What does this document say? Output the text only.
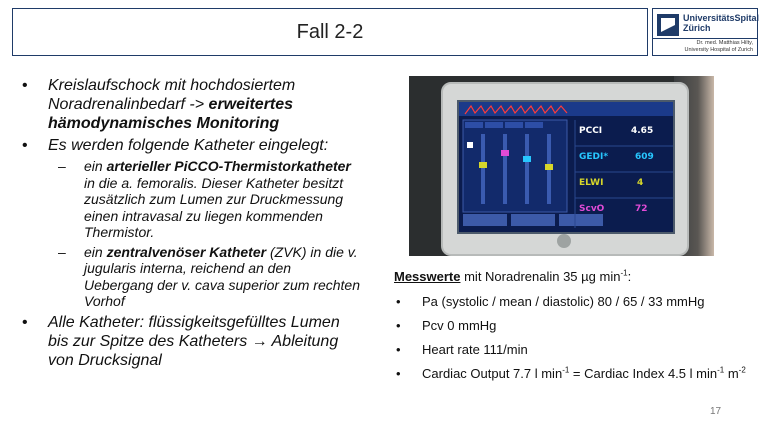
Fall 2-2
UniversitätsSpital
Zürich
Dr. med. Matthias Hilty,
University Hospital of Zurich
• Kreislaufschock mit hochdosiertem Noradrenalinbedarf -> erweitertes hämodynamisches Monitoring
• Es werden folgende Katheter eingelegt:
– ein arterieller PiCCO-Thermistorkatheter in die a. femoralis. Dieser Katheter besitzt zusätzlich zum Lumen zur Druckmessung einen intravasal zu liegen kommenden Thermistor.
– ein zentralvenöser Katheter (ZVK) in die v. jugularis interna, reichend an den Uebergang der v. cava superior zum rechten Vorhof
• Alle Katheter: flüssigkeitsgefülltes Lumen bis zur Spitze des Katheters → Ableitung von Drucksignal
PCCI	4.65
GEDI*	609
ELWI	4
ScvO	72
Messwerte mit Noradrenalin 35 µg $\min^{-1}$:
• Pa (systolic / mean / diastolic) 80 / 65 / 33 mmHg
• Pcv 0 mmHg
• Heart rate 111/min
• Cardiac Output 7.7 l $\min^{-1}$ = Cardiac Index 4.5 l $\min^{-1} m^{-2}$
17
